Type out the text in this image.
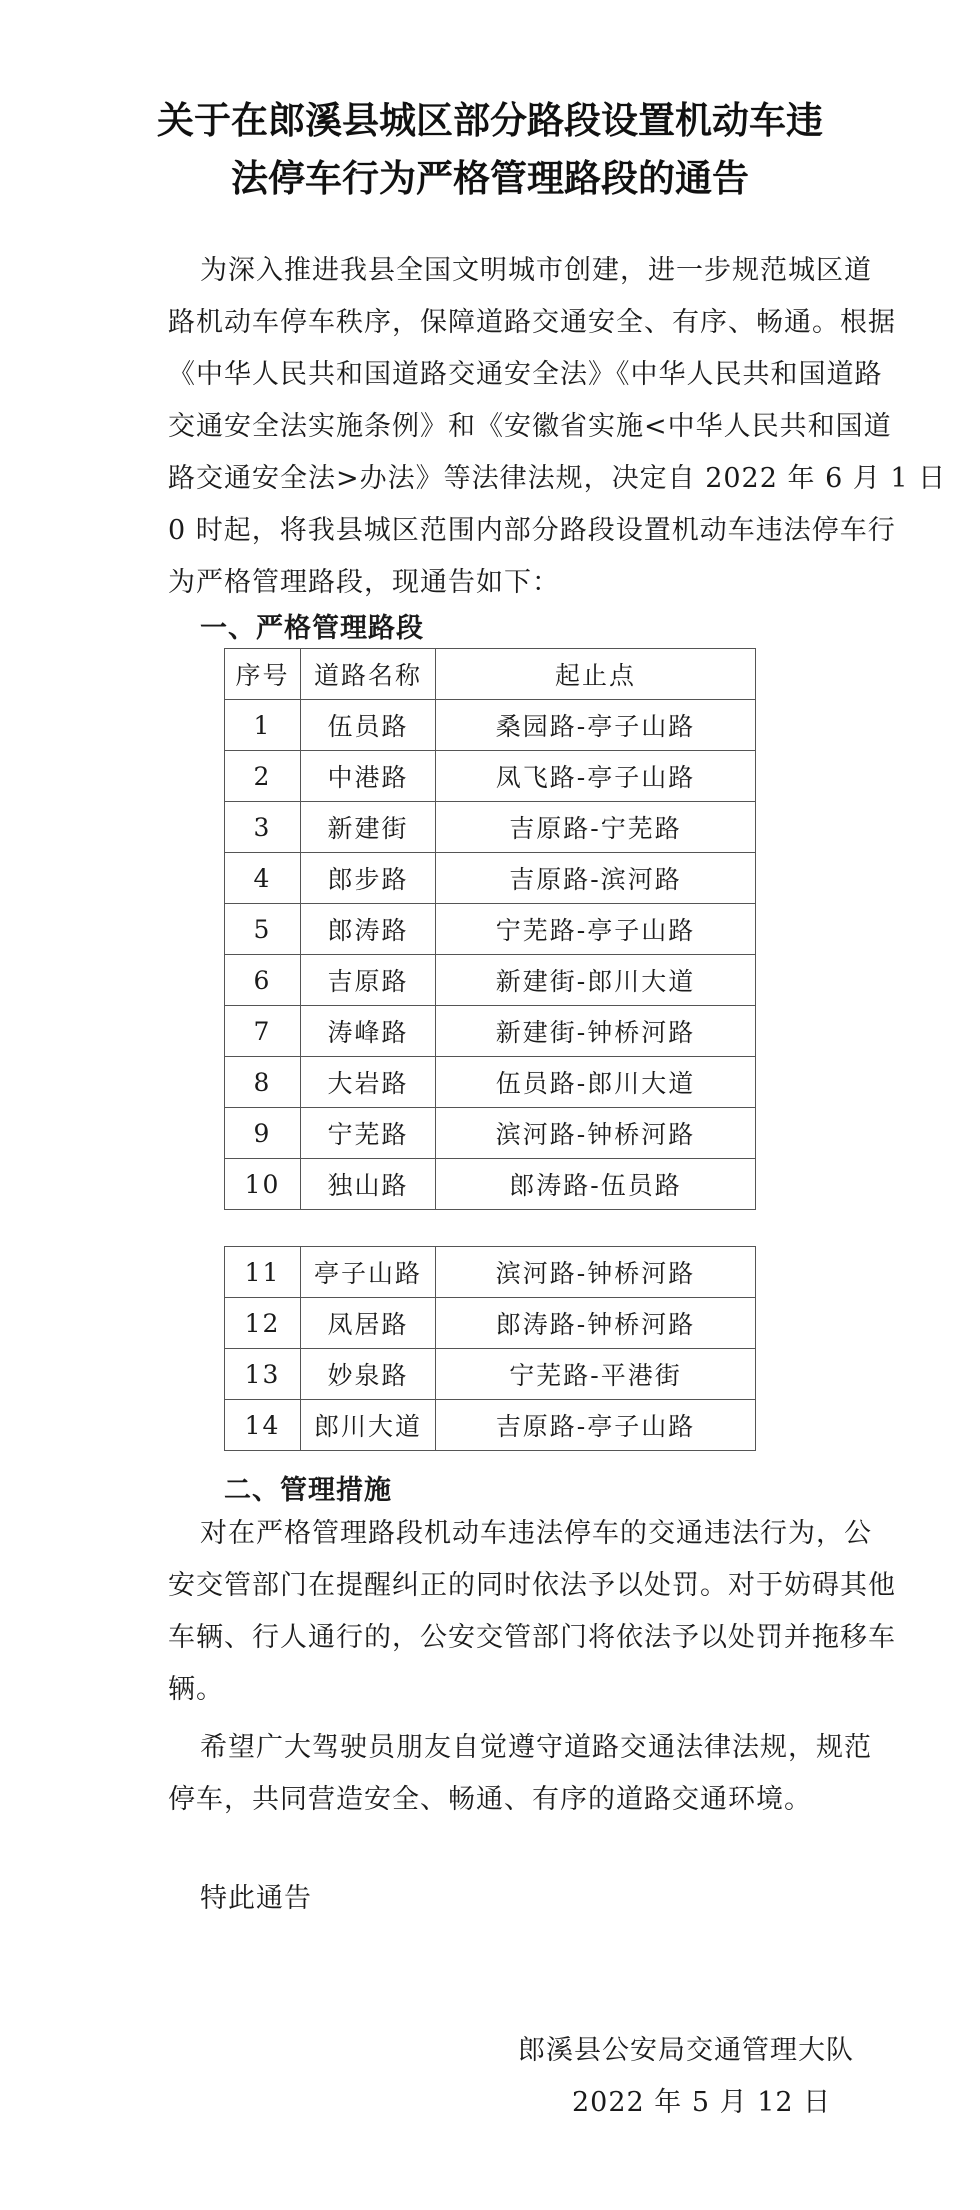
关于在郎溪县城区部分路段设置机动车违
法停车行为严格管理路段的通告
为深入推进我县全国文明城市创建，进一步规范城区道
路机动车停车秩序，保障道路交通安全、有序、畅通。根据
《中华人民共和国道路交通安全法》《中华人民共和国道路
交通安全法实施条例》和《安徽省实施<中华人民共和国道
路交通安全法>办法》等法律法规，决定自 2022 年 6 月 1 日
0 时起，将我县城区范围内部分路段设置机动车违法停车行
为严格管理路段，现通告如下：
一、严格管理路段
序号	道路名称	起止点
1	伍员路	桑园路-亭子山路
2	中港路	凤飞路-亭子山路
3	新建街	吉原路-宁芜路
4	郎步路	吉原路-滨河路
5	郎涛路	宁芜路-亭子山路
6	吉原路	新建街-郎川大道
7	涛峰路	新建街-钟桥河路
8	大岩路	伍员路-郎川大道
9	宁芜路	滨河路-钟桥河路
10	独山路	郎涛路-伍员路
11	亭子山路	滨河路-钟桥河路
12	凤居路	郎涛路-钟桥河路
13	妙泉路	宁芜路-平港街
14	郎川大道	吉原路-亭子山路
二、管理措施
对在严格管理路段机动车违法停车的交通违法行为，公
安交管部门在提醒纠正的同时依法予以处罚。对于妨碍其他
车辆、行人通行的，公安交管部门将依法予以处罚并拖移车
辆。
希望广大驾驶员朋友自觉遵守道路交通法律法规，规范
停车，共同营造安全、畅通、有序的道路交通环境。
特此通告
郎溪县公安局交通管理大队
2022 年 5 月 12 日
